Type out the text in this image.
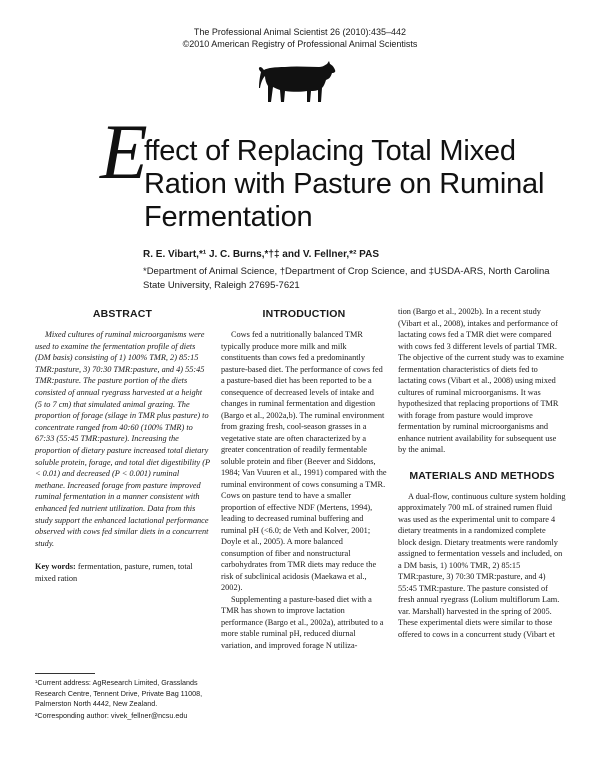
The Professional Animal Scientist 26 (2010):435–442
©2010 American Registry of Professional Animal Scientists
E
ffect of Replacing Total Mixed Ration with Pasture on Ruminal Fermentation
R. E. Vibart,*¹ J. C. Burns,*†‡ and V. Fellner,*² PAS
*Department of Animal Science, †Department of Crop Science, and ‡USDA-ARS, North Carolina State University, Raleigh 27695-7621
ABSTRACT

Mixed cultures of ruminal microorganisms were used to examine the fermentation profile of diets (DM basis) consisting of 1) 100% TMR, 2) 85:15 TMR:pasture, 3) 70:30 TMR:pasture, and 4) 55:45 TMR:pasture. The pasture portion of the diets consisted of annual ryegrass harvested at a height (5 to 7 cm) that simulated animal grazing. The proportion of forage (silage in TMR plus pasture) to concentrate ranged from 40:60 (100% TMR) to 67:33 (55:45 TMR:pasture). Increasing the proportion of dietary pasture increased total dietary soluble protein, forage, and total diet digestibility (P < 0.01) and decreased (P < 0.001) ruminal methane. Increased forage from pasture improved ruminal fermentation in a manner consistent with enhanced fed nutrient utilization. Data from this study support the enhanced lactational performance observed with cows fed similar diets in a concurrent study.

Key words: fermentation, pasture, rumen, total mixed ration

¹Current address: AgResearch Limited, Grasslands Research Centre, Tennent Drive, Private Bag 11008, Palmerston North 4442, New Zealand.

²Corresponding author: vivek_fellner@ncsu.edu

INTRODUCTION

Cows fed a nutritionally balanced TMR typically produce more milk and milk constituents than cows fed a predominantly pasture-based diet. The performance of cows fed a pasture-based diet has been reported to be a consequence of decreased levels of intake and changes in ruminal fermentation and digestion (Bargo et al., 2002a,b). The ruminal environment from grazing fresh, cool-season grasses in a vegetative state are often characterized by a greater concentration of readily fermentable soluble protein and fiber (Beever and Siddons, 1984; Van Vuuren et al., 1991) compared with the ruminal environment of cows consuming a TMR. Cows on pasture tend to have a smaller proportion of effective NDF (Mertens, 1994), leading to decreased ruminal buffering and ruminal pH (<6.0; de Veth and Kolver, 2001; Doyle et al., 2005). A more balanced consumption of fiber and nonstructural carbohydrates from TMR diets may reduce the risk of subclinical acidosis (Maekawa et al., 2002).

Supplementing a pasture-based diet with a TMR has shown to improve lactation performance (Bargo et al., 2002a), attributed to a more stable ruminal pH, reduced diurnal variation, and improved forage N utiliza-

tion (Bargo et al., 2002b). In a recent study (Vibart et al., 2008), intakes and performance of lactating cows fed a TMR diet were compared with cows fed 3 different levels of partial TMR. The objective of the current study was to examine fermentation characteristics of diets fed to lactating cows (Vibart et al., 2008) using mixed cultures of ruminal microorganisms. It was hypothesized that replacing proportions of TMR with forage from pasture would improve fermentation by ruminal microorganisms and enhance nutrient availability for subsequent use by the animal.

MATERIALS AND METHODS

A dual-flow, continuous culture system holding approximately 700 mL of strained rumen fluid was used as the experimental unit to compare 4 dietary treatments in a randomized complete block design. Dietary treatments were randomly assigned to fermentation vessels and included, on a DM basis, 1) 100% TMR, 2) 85:15 TMR:pasture, 3) 70:30 TMR:pasture, and 4) 55:45 TMR:pasture. The pasture consisted of fresh annual ryegrass (Lolium multiflorum Lam. var. Marshall) harvested in the spring of 2005. These experimental diets were similar to those offered to cows in a concurrent study (Vibart et
